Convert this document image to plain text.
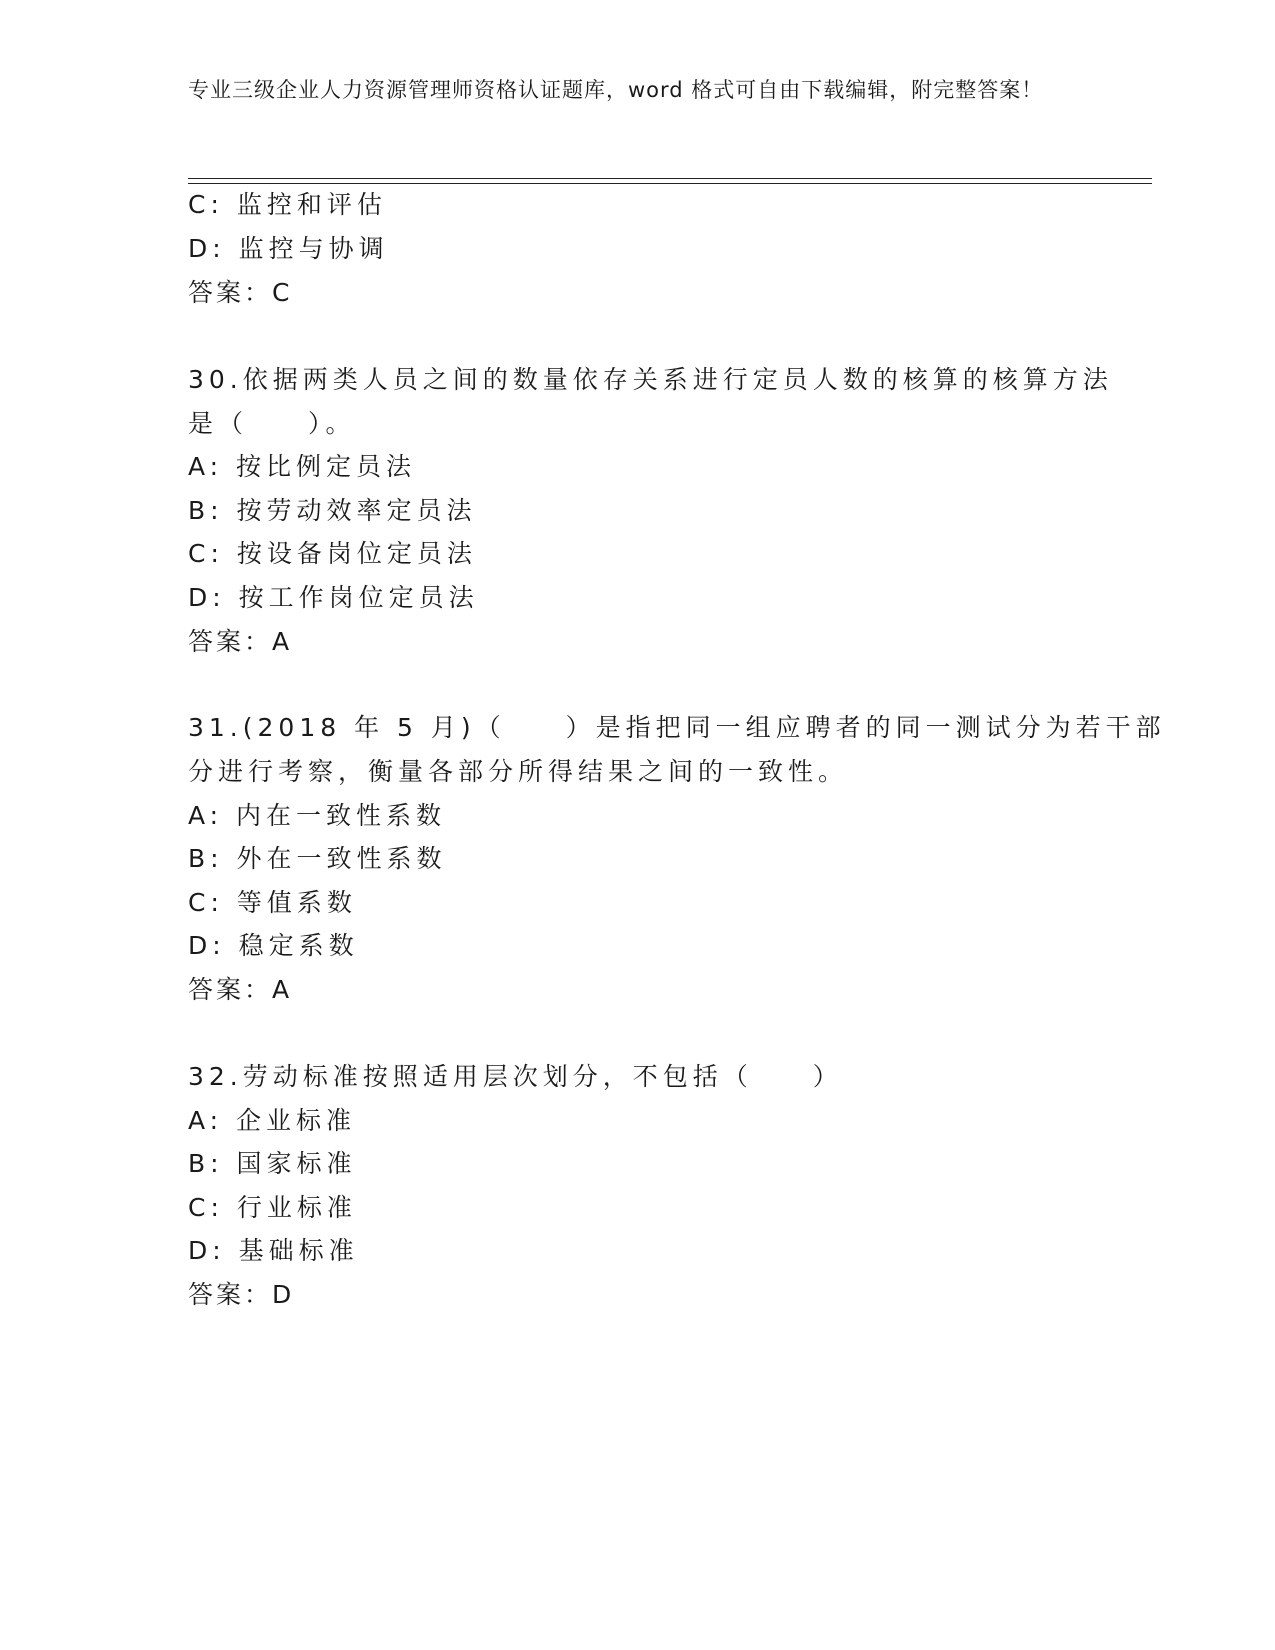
专业三级企业人力资源管理师资格认证题库，word 格式可自由下载编辑，附完整答案！
C: 监控和评估
D: 监控与协调
答案：C
30.依据两类人员之间的数量依存关系进行定员人数的核算的核算方法
是（　　）。
A: 按比例定员法
B: 按劳动效率定员法
C: 按设备岗位定员法
D: 按工作岗位定员法
答案：A
31.(2018 年 5 月)（　　）是指把同一组应聘者的同一测试分为若干部
分进行考察，衡量各部分所得结果之间的一致性。
A: 内在一致性系数
B: 外在一致性系数
C: 等值系数
D: 稳定系数
答案：A
32.劳动标准按照适用层次划分，不包括（　　）
A: 企业标准
B: 国家标准
C: 行业标准
D: 基础标准
答案：D
